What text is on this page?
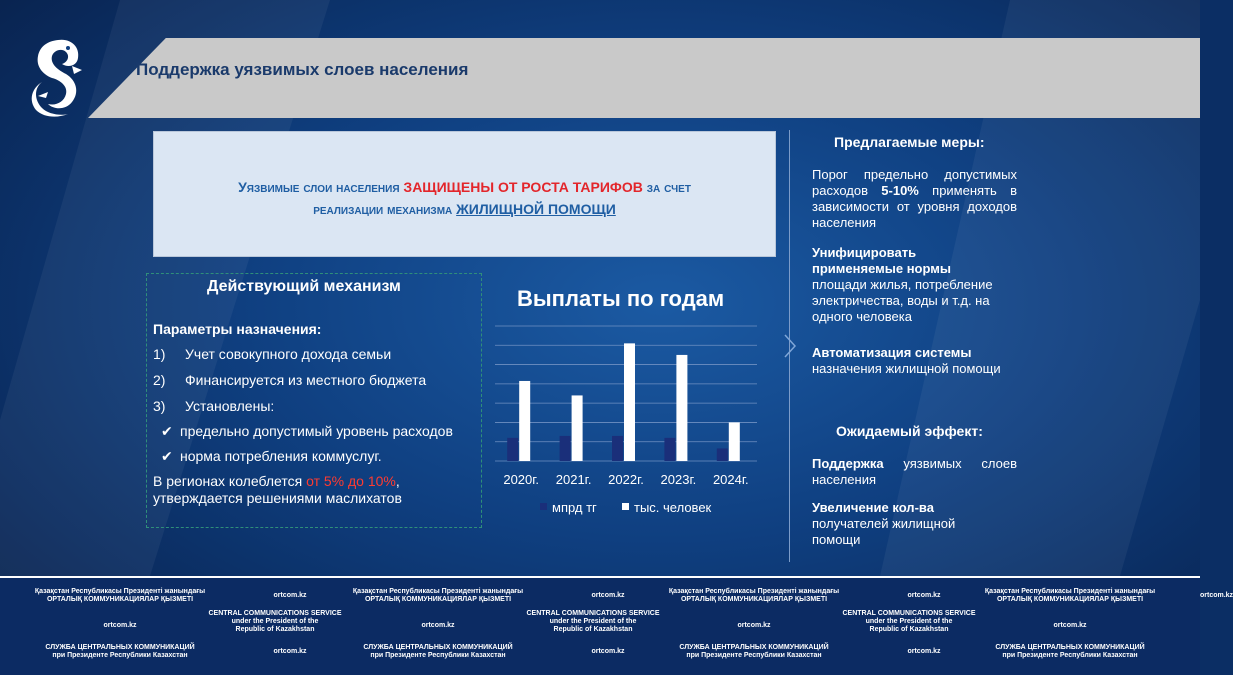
Поддержка уязвимых слоев населения
Уязвимые слои населения ЗАЩИЩЕНЫ ОТ РОСТА ТАРИФОВ за счет
реализации механизма ЖИЛИЩНОЙ ПОМОЩИ
Действующий механизм
Параметры назначения:
1) Учет совокупного дохода семьи
2) Финансируется из местного бюджета
3) Установлены:
✔ предельно допустимый уровень расходов
✔ норма потребления коммуслуг.
В регионах колеблется от 5% до 10%,
утверждается решениями маслихатов
Выплаты по годам
2020г. 2021г. 2022г. 2023г. 2024г.
мпрд тг	тыс. человек
Предлагаемые меры:
Порог предельно допустимых расходов 5-10% применять в зависимости от уровня доходов населения
Унифицировать применяемые нормы
площади жилья, потребление электричества, воды и т.д. на одного человека
Автоматизация системы
назначения жилищной помощи
Ожидаемый эффект:
Поддержка уязвимых слоев населения
Увеличение кол-ва
получателей жилищной помощи
Қазақстан Республикасы Президенті жанындағы
ОРТАЛЫҚ КОММУНИКАЦИЯЛАР ҚЫЗМЕТІ
ortcom.kz
ortcom.kz
CENTRAL COMMUNICATIONS SERVICE
under the President of the
Republic of Kazakhstan
СЛУЖБА ЦЕНТРАЛЬНЫХ КОММУНИКАЦИЙ
при Президенте Республики Казахстан
ortcom.kz
Қазақстан Республикасы Президенті жанындағы
ОРТАЛЫҚ КОММУНИКАЦИЯЛАР ҚЫЗМЕТІ
ortcom.kz
ortcom.kz
CENTRAL COMMUNICATIONS SERVICE
under the President of the
Republic of Kazakhstan
СЛУЖБА ЦЕНТРАЛЬНЫХ КОММУНИКАЦИЙ
при Президенте Республики Казахстан
ortcom.kz
Қазақстан Республикасы Президенті жанындағы
ОРТАЛЫҚ КОММУНИКАЦИЯЛАР ҚЫЗМЕТІ
ortcom.kz
ortcom.kz
CENTRAL COMMUNICATIONS SERVICE
under the President of the
Republic of Kazakhstan
СЛУЖБА ЦЕНТРАЛЬНЫХ КОММУНИКАЦИЙ
при Президенте Республики Казахстан
ortcom.kz
Қазақстан Республикасы Президенті жанындағы
ОРТАЛЫҚ КОММУНИКАЦИЯЛАР ҚЫЗМЕТІ
ortcom.kz
ortcom.kz
СЛУЖБА ЦЕНТРАЛЬНЫХ КОММУНИКАЦИЙ
при Президенте Республики Казахстан
